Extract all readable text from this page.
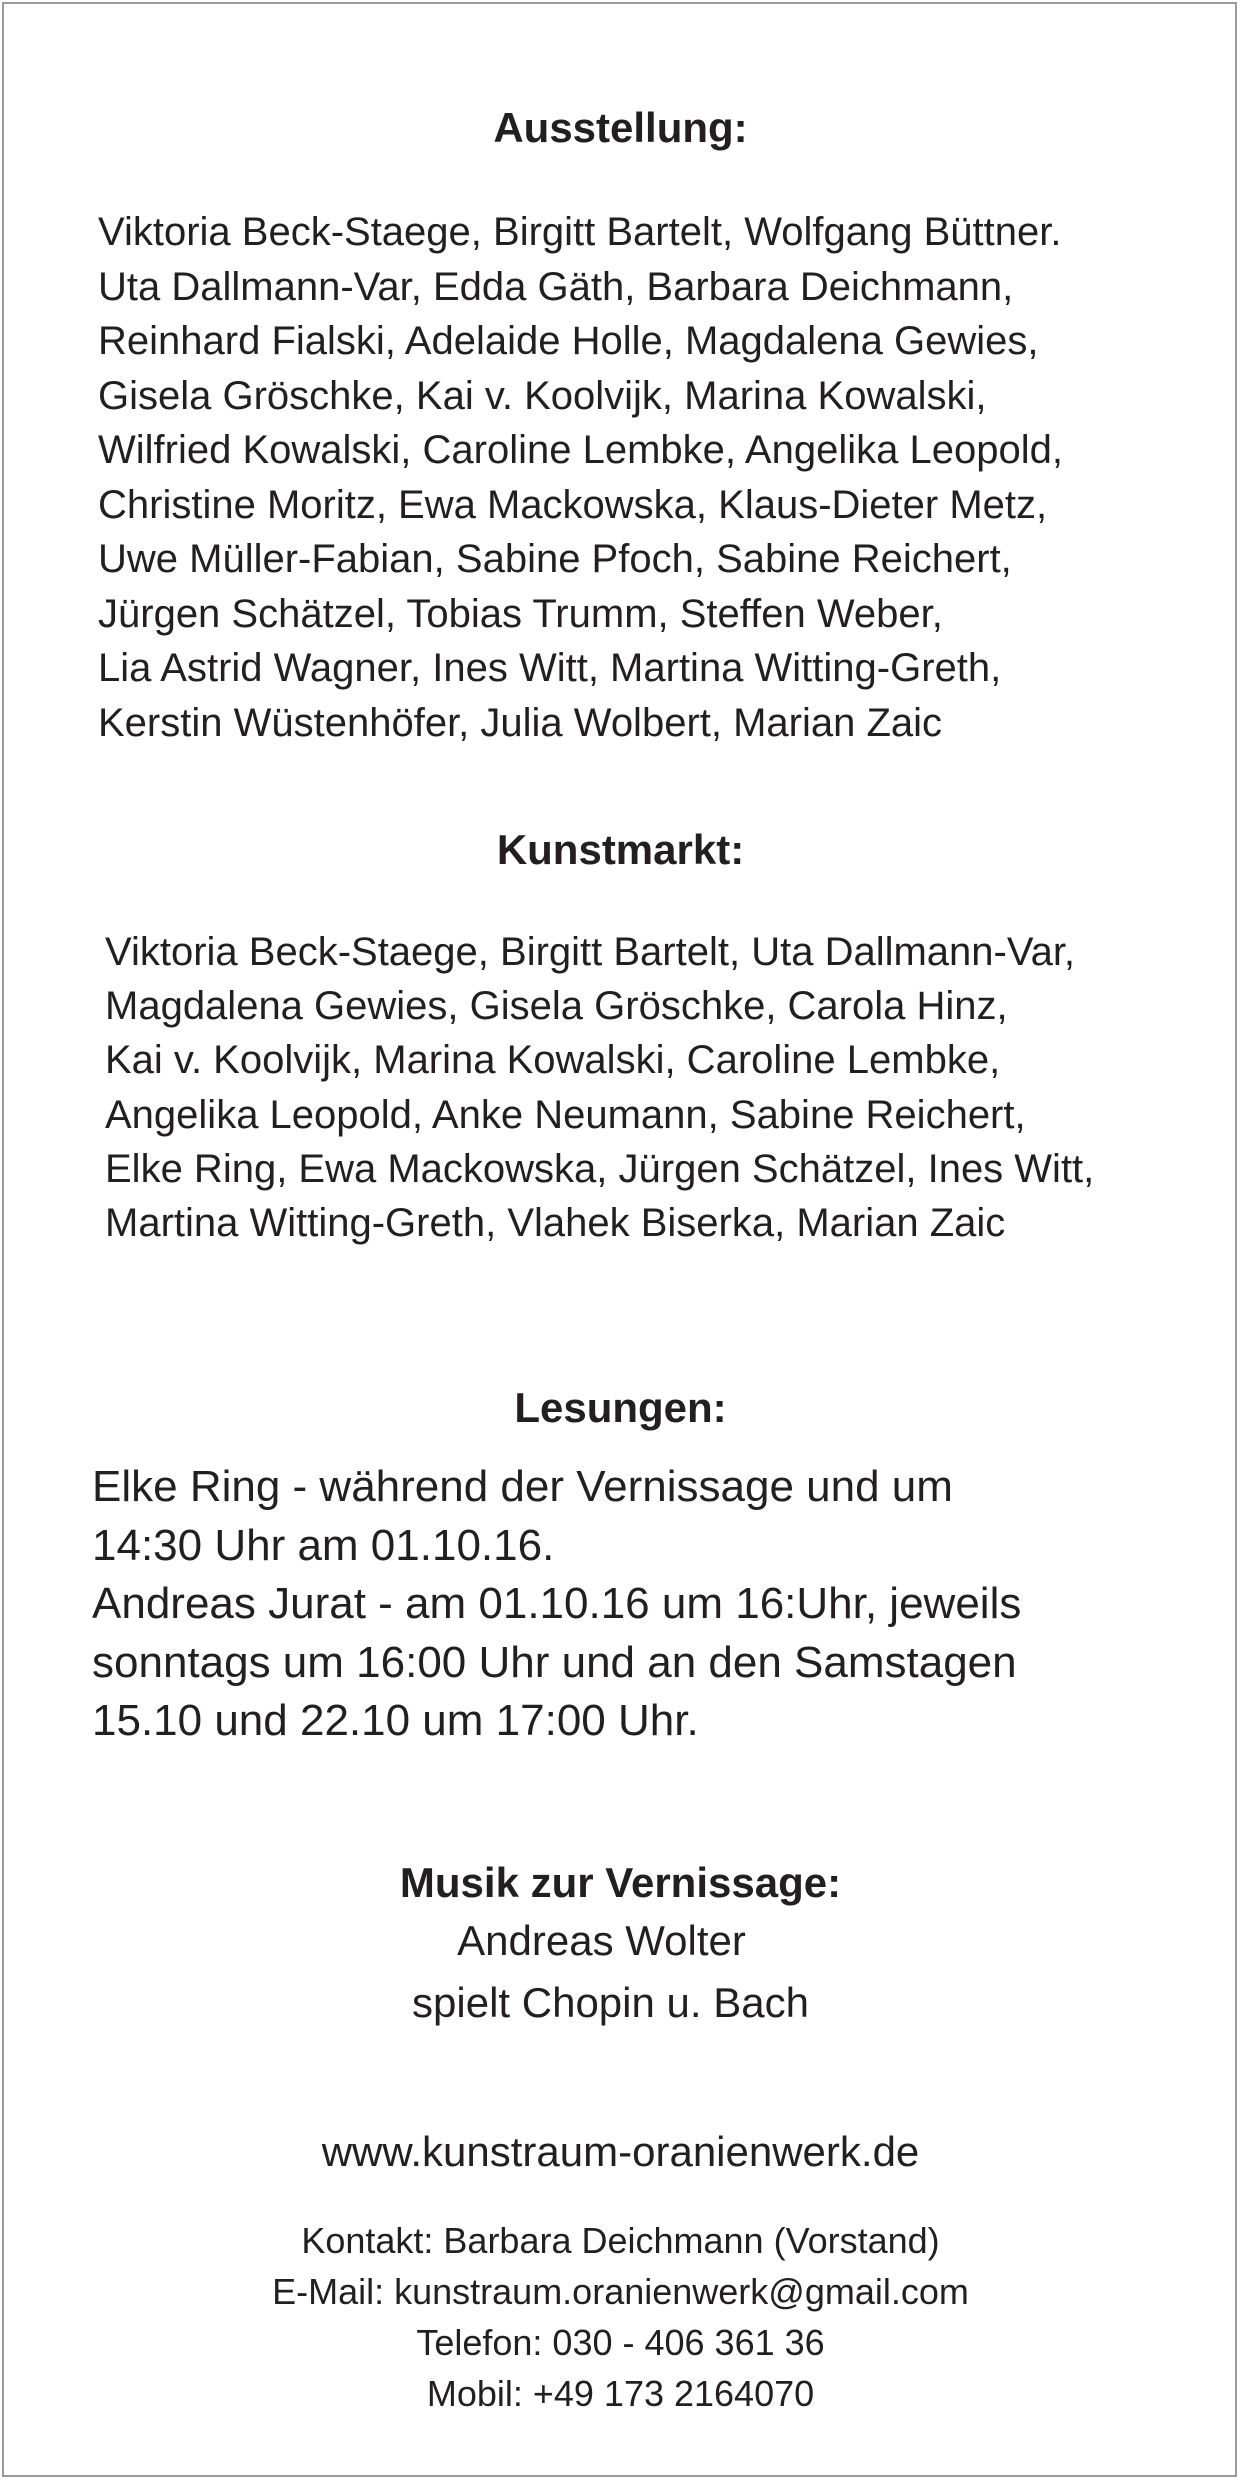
Ausstellung:
Viktoria Beck-Staege, Birgitt Bartelt, Wolfgang Büttner.
Uta Dallmann-Var, Edda Gäth, Barbara Deichmann,
Reinhard Fialski, Adelaide Holle, Magdalena Gewies,
Gisela Gröschke, Kai v. Koolvijk, Marina Kowalski,
Wilfried Kowalski, Caroline Lembke, Angelika Leopold,
Christine Moritz, Ewa Mackowska, Klaus-Dieter Metz,
Uwe Müller-Fabian, Sabine Pfoch, Sabine Reichert,
Jürgen Schätzel, Tobias Trumm, Steffen Weber,
Lia Astrid Wagner, Ines Witt, Martina Witting-Greth,
Kerstin Wüstenhöfer, Julia Wolbert, Marian Zaic
Kunstmarkt:
Viktoria Beck-Staege, Birgitt Bartelt, Uta Dallmann-Var,
Magdalena Gewies, Gisela Gröschke, Carola Hinz,
Kai v. Koolvijk, Marina Kowalski, Caroline Lembke,
Angelika Leopold, Anke Neumann, Sabine Reichert,
Elke Ring, Ewa Mackowska, Jürgen Schätzel, Ines Witt,
Martina Witting-Greth, Vlahek Biserka, Marian Zaic
Lesungen:
Elke Ring - während der Vernissage und um
14:30 Uhr am 01.10.16.
Andreas Jurat - am 01.10.16 um 16:Uhr, jeweils
sonntags um 16:00 Uhr und an den Samstagen
15.10 und 22.10 um 17:00 Uhr.
Musik zur Vernissage:
Andreas Wolter
spielt Chopin u. Bach

www.kunstraum-oranienwerk.de

Kontakt: Barbara Deichmann (Vorstand)
E-Mail: kunstraum.oranienwerk@gmail.com
Telefon: 030 - 406 361 36
Mobil: +49 173 2164070
